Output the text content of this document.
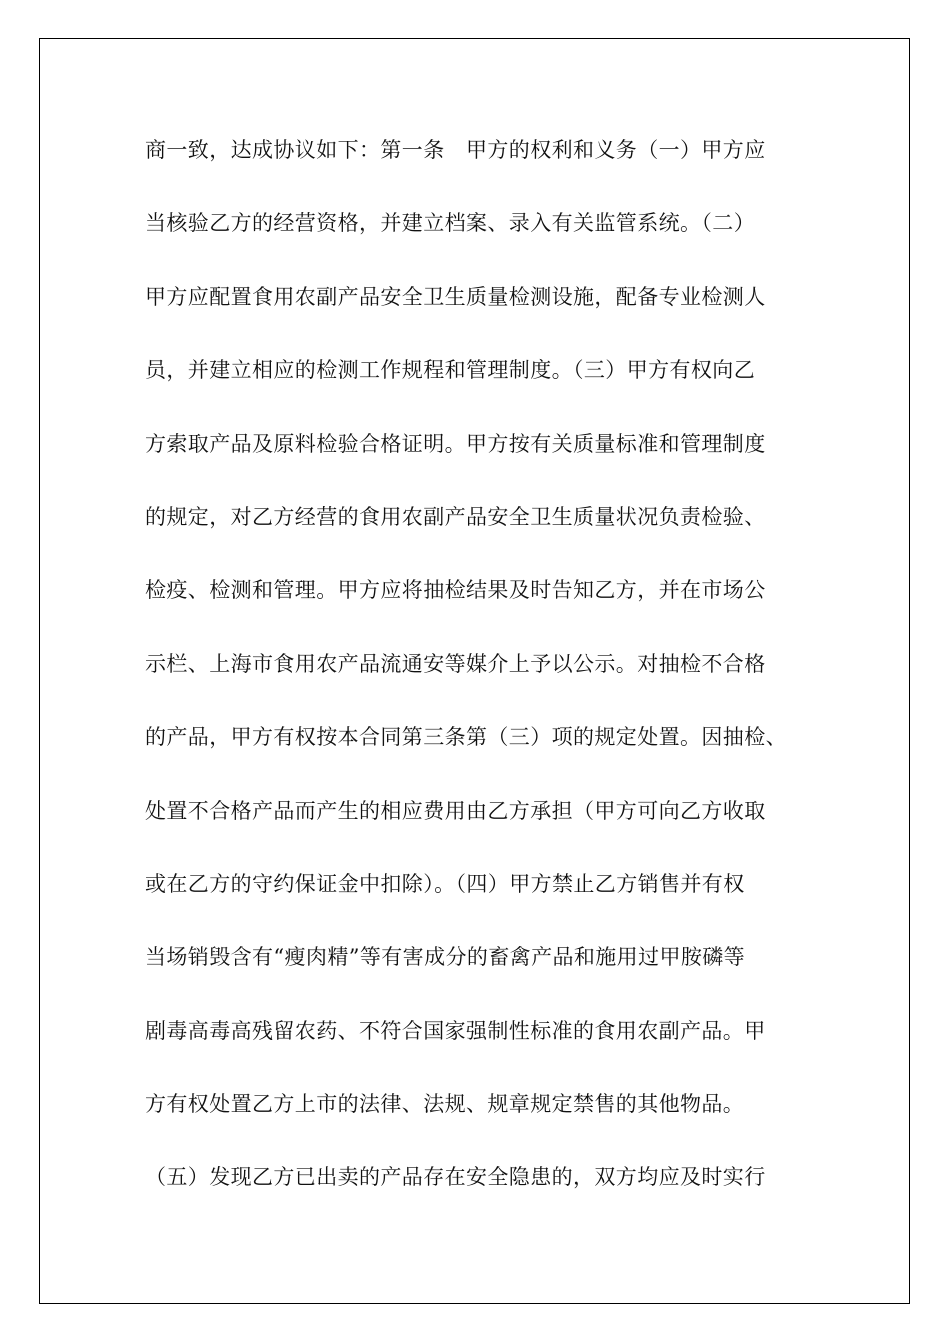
商一致，达成协议如下：第一条　甲方的权利和义务（一）甲方应
当核验乙方的经营资格，并建立档案、录入有关监管系统。（二）
甲方应配置食用农副产品安全卫生质量检测设施，配备专业检测人
员，并建立相应的检测工作规程和管理制度。（三）甲方有权向乙
方索取产品及原料检验合格证明。甲方按有关质量标准和管理制度
的规定，对乙方经营的食用农副产品安全卫生质量状况负责检验、
检疫、检测和管理。甲方应将抽检结果及时告知乙方，并在市场公
示栏、上海市食用农产品流通安等媒介上予以公示。对抽检不合格
的产品，甲方有权按本合同第三条第（三）项的规定处置。因抽检、
处置不合格产品而产生的相应费用由乙方承担（甲方可向乙方收取
或在乙方的守约保证金中扣除）。（四）甲方禁止乙方销售并有权
当场销毁含有“瘦肉精”等有害成分的畜禽产品和施用过甲胺磷等
剧毒高毒高残留农药、不符合国家强制性标准的食用农副产品。甲
方有权处置乙方上市的法律、法规、规章规定禁售的其他物品。
（五）发现乙方已出卖的产品存在安全隐患的，双方均应及时实行
